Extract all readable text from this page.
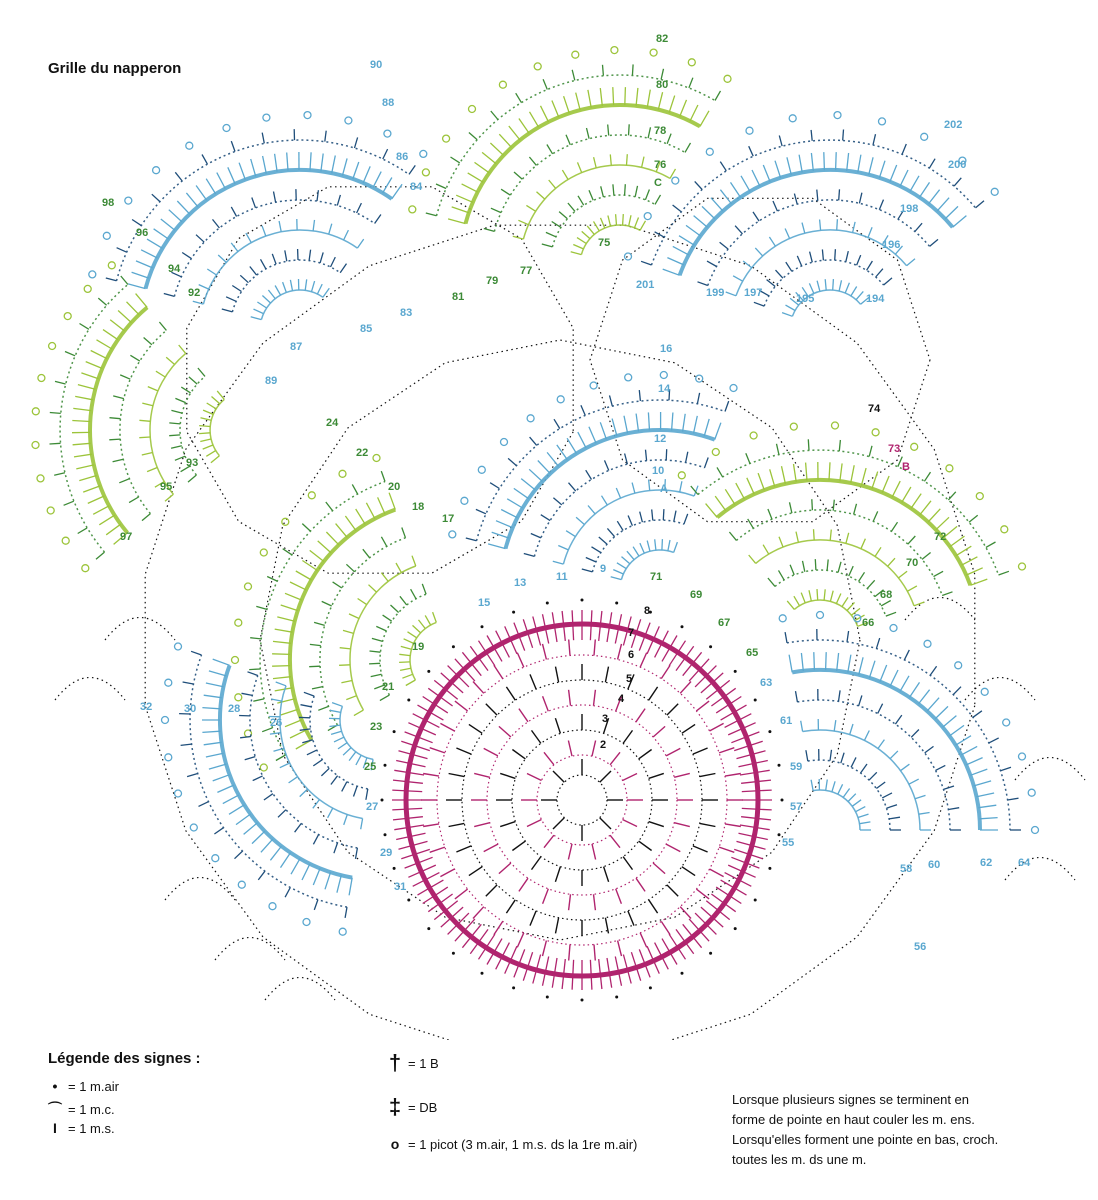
2
3
4
5
6
7
8
90
88
86
84
85
83
87
89
82
80
78
76
C
75
77
79
81
202
200
198
196
194
195
197
199
201
98
96
94
92
93
95
97
16
14
12
10
A
9
11
13
15
24
22
20
18
17
19
21
23
25
32	30	28
26
27
29
31
74
73
B
72
70
68
66
65
67
69
71
64
62
60
58
56
55
57
59
61
63
Grille du napperon
Légende des signes :
• = 1 m.air
⌒ = 1 m.c.
I = 1 m.s.
† = 1 B
‡ = DB
o = 1 picot (3 m.air, 1 m.s. ds la 1re m.air)
Lorsque plusieurs signes se terminent en
forme de pointe en haut couler les m. ens.
Lorsqu'elles forment une pointe en bas, croch.
toutes les m. ds une m.
